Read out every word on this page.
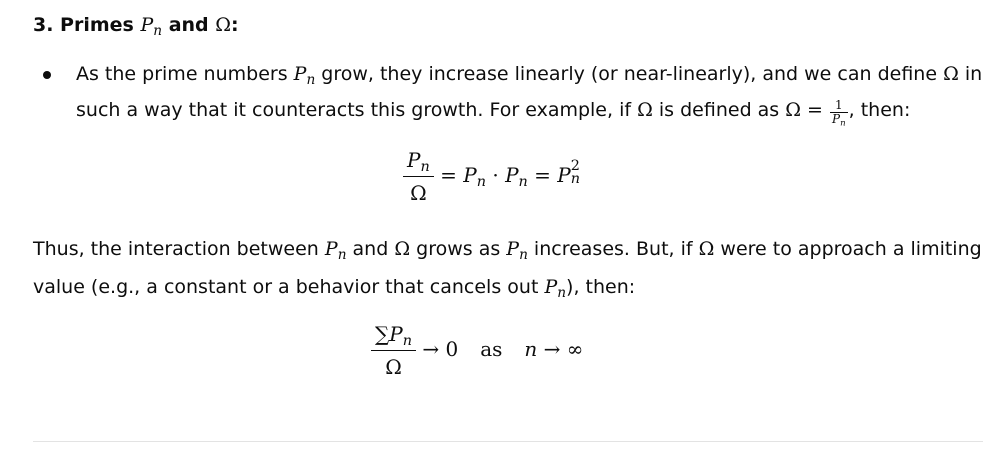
3. Primes $P_n$ and Ω:
As the prime numbers $P_n$ grow, they increase linearly (or near-linearly), and we can define Ω in
such a way that it counteracts this growth. For example, if Ω is defined as $\Omega = \frac{1}{P_n}$ , then:
$\frac{P_n}{\Omega} = P_n \cdot P_n = P$ 2
n
Thus, the interaction between $P_n$ and Ω grows as $P_n$ increases. But, if Ω were to approach a limiting
value (e.g., a constant or a behavior that cancels out $P_n$), then:
$\frac{\sum P_n}{\Omega} \to 0$ as n → ∞
